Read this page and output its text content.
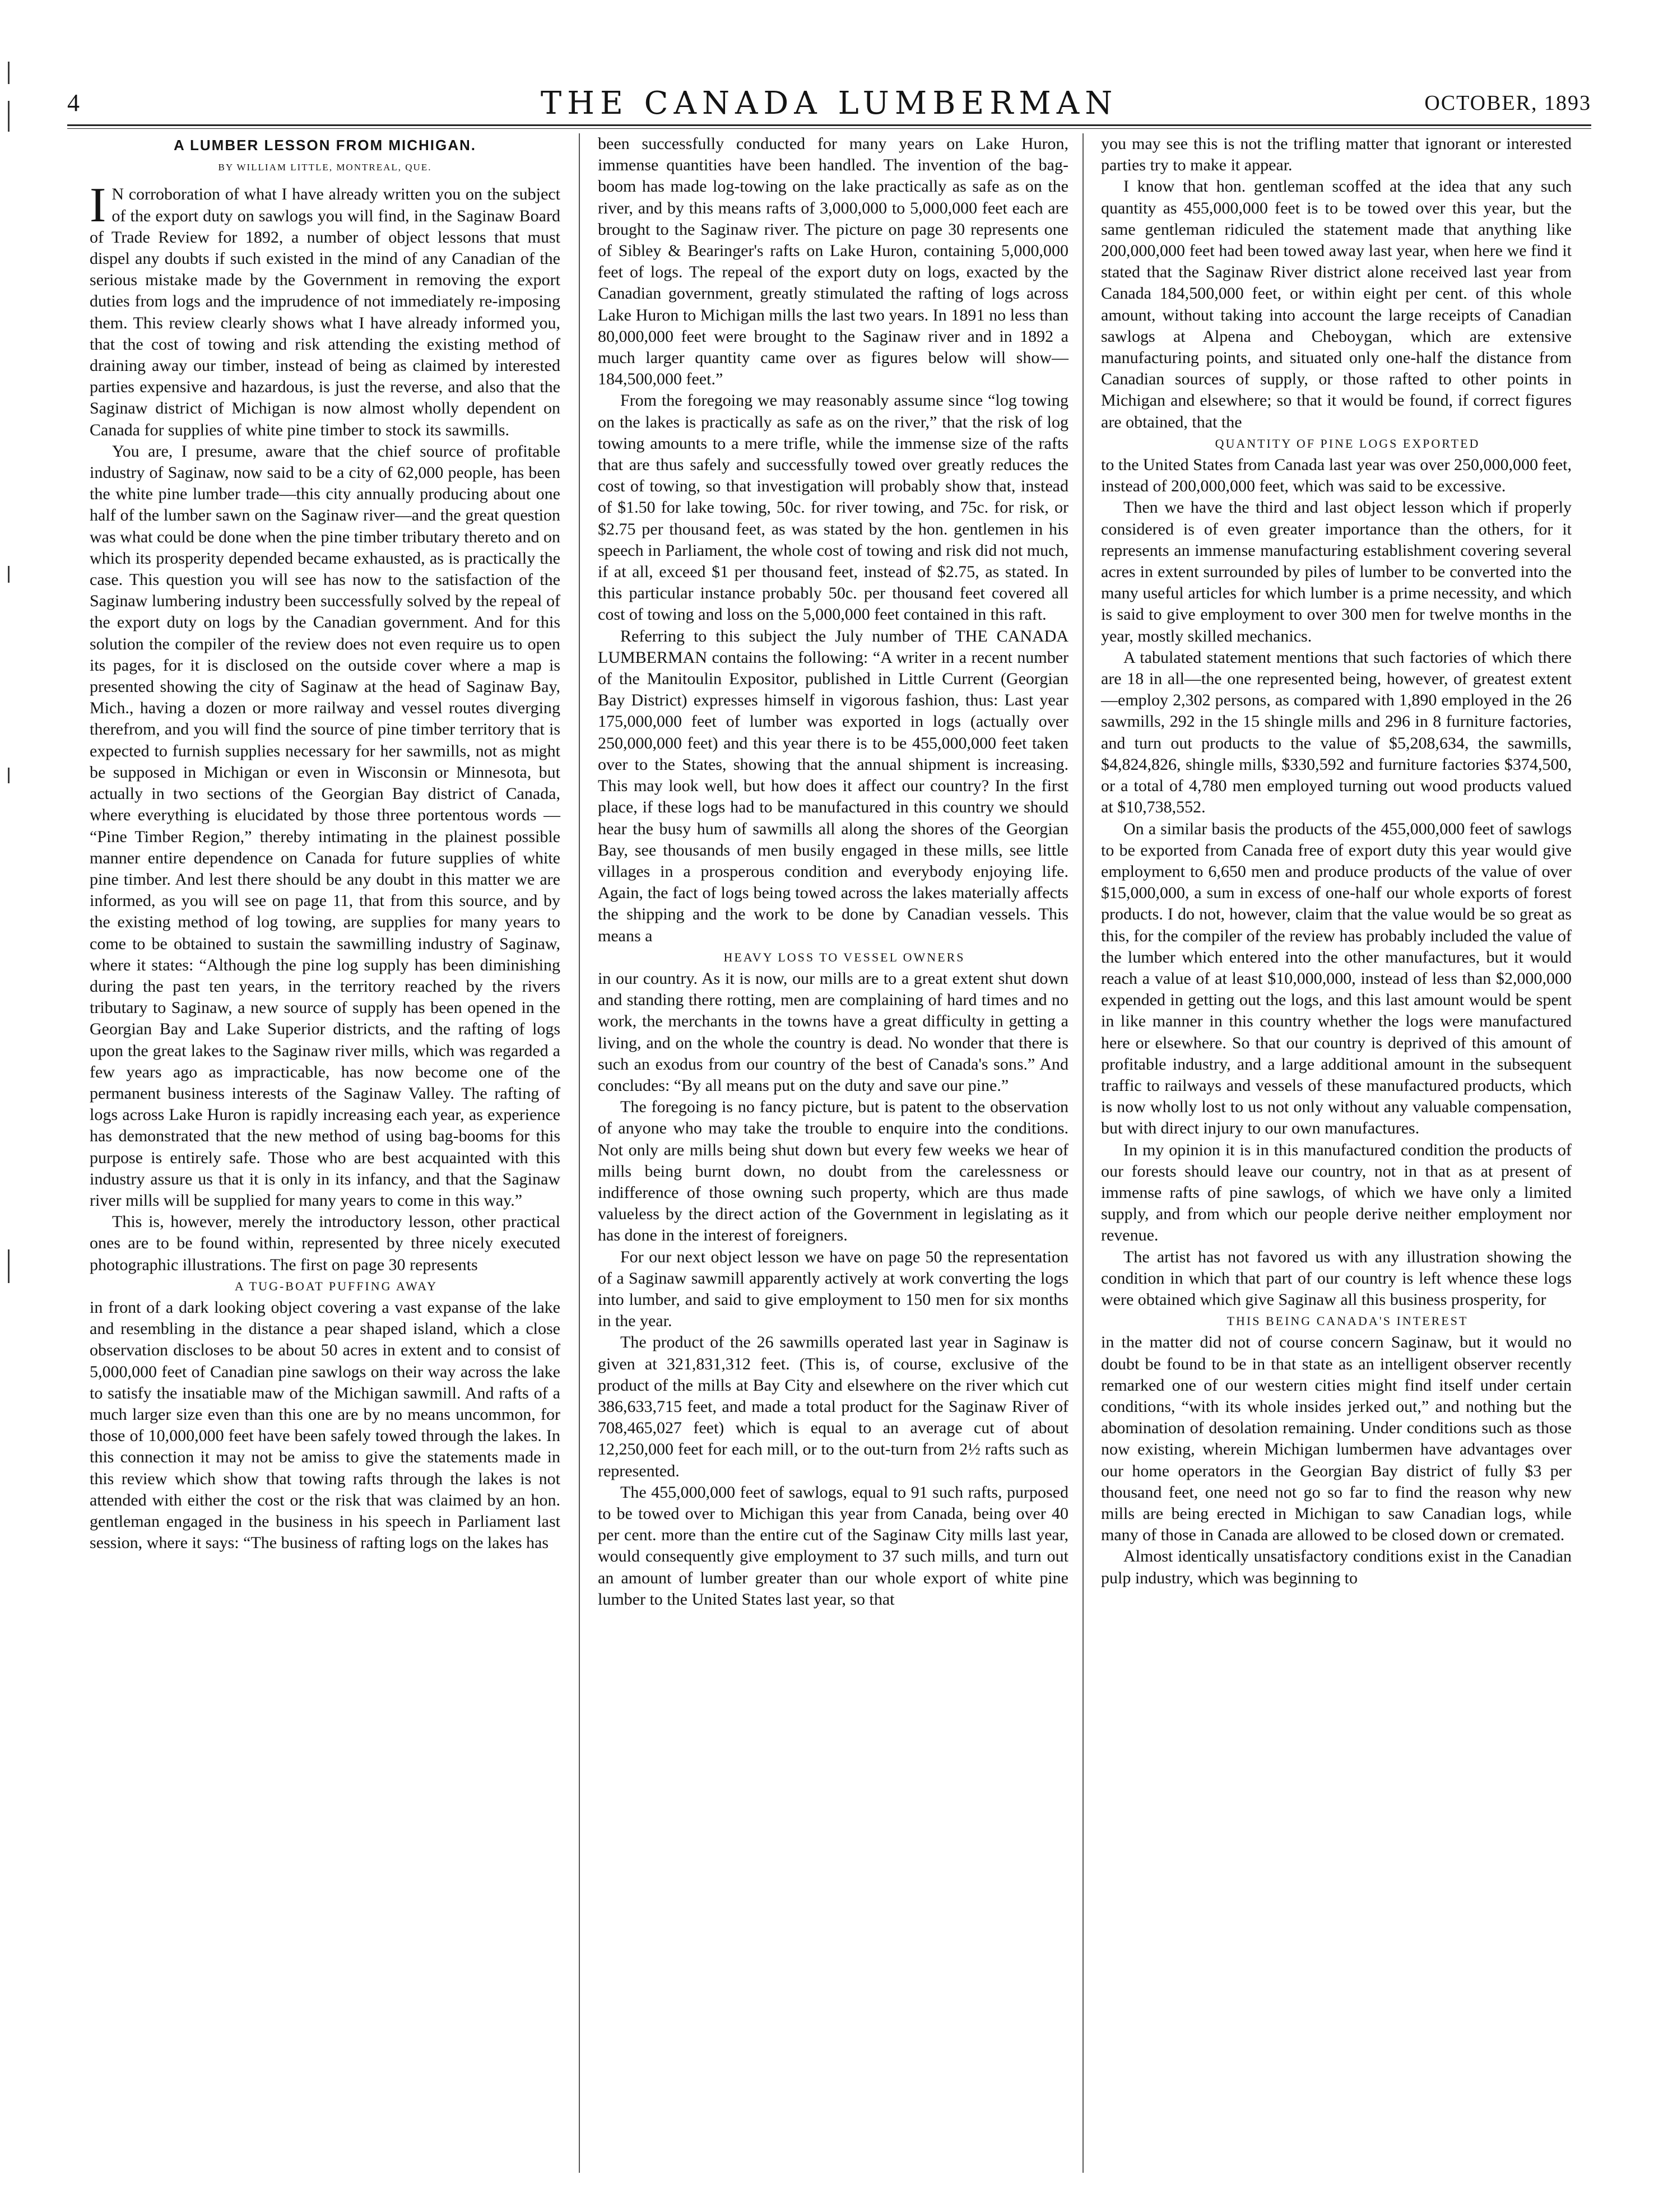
4	THE CANADA LUMBERMAN	OCTOBER, 1893
A LUMBER LESSON FROM MICHIGAN.
BY WILLIAM LITTLE, MONTREAL, QUE.

I N corroboration of what I have already written you on the subject of the export duty on sawlogs you will find, in the Saginaw Board of Trade Review for 1892, a number of object lessons that must dispel any doubts if such existed in the mind of any Canadian of the serious mistake made by the Government in removing the export duties from logs and the imprudence of not immediately re-imposing them. This review clearly shows what I have already informed you, that the cost of towing and risk attending the existing method of draining away our timber, instead of being as claimed by interested parties expensive and hazardous, is just the reverse, and also that the Saginaw district of Michigan is now almost wholly dependent on Canada for supplies of white pine timber to stock its sawmills.

You are, I presume, aware that the chief source of profitable industry of Saginaw, now said to be a city of 62,000 people, has been the white pine lumber trade—this city annually producing about one half of the lumber sawn on the Saginaw river—and the great question was what could be done when the pine timber tributary thereto and on which its prosperity depended became exhausted, as is practically the case. This question you will see has now to the satisfaction of the Saginaw lumbering industry been successfully solved by the repeal of the export duty on logs by the Canadian government. And for this solution the compiler of the review does not even require us to open its pages, for it is disclosed on the outside cover where a map is presented showing the city of Saginaw at the head of Saginaw Bay, Mich., having a dozen or more railway and vessel routes diverging therefrom, and you will find the source of pine timber territory that is expected to furnish supplies necessary for her sawmills, not as might be supposed in Michigan or even in Wisconsin or Minnesota, but actually in two sections of the Georgian Bay district of Canada, where everything is elucidated by those three portentous words — “Pine Timber Region,” thereby intimating in the plainest possible manner entire dependence on Canada for future supplies of white pine timber. And lest there should be any doubt in this matter we are informed, as you will see on page 11, that from this source, and by the existing method of log towing, are supplies for many years to come to be obtained to sustain the sawmilling industry of Saginaw, where it states: “Although the pine log supply has been diminishing during the past ten years, in the territory reached by the rivers tributary to Saginaw, a new source of supply has been opened in the Georgian Bay and Lake Superior districts, and the rafting of logs upon the great lakes to the Saginaw river mills, which was regarded a few years ago as impracticable, has now become one of the permanent business interests of the Saginaw Valley. The rafting of logs across Lake Huron is rapidly increasing each year, as experience has demonstrated that the new method of using bag-booms for this purpose is entirely safe. Those who are best acquainted with this industry assure us that it is only in its infancy, and that the Saginaw river mills will be supplied for many years to come in this way.”

This is, however, merely the introductory lesson, other practical ones are to be found within, represented by three nicely executed photographic illustrations. The first on page 30 represents

A TUG-BOAT PUFFING AWAY

in front of a dark looking object covering a vast expanse of the lake and resembling in the distance a pear shaped island, which a close observation discloses to be about 50 acres in extent and to consist of 5,000,000 feet of Canadian pine sawlogs on their way across the lake to satisfy the insatiable maw of the Michigan sawmill. And rafts of a much larger size even than this one are by no means uncommon, for those of 10,000,000 feet have been safely towed through the lakes. In this connection it may not be amiss to give the statements made in this review which show that towing rafts through the lakes is not attended with either the cost or the risk that was claimed by an hon. gentleman engaged in the business in his speech in Parliament last session, where it says: “The business of rafting logs on the lakes has

been successfully conducted for many years on Lake Huron, immense quantities have been handled. The invention of the bag-boom has made log-towing on the lake practically as safe as on the river, and by this means rafts of 3,000,000 to 5,000,000 feet each are brought to the Saginaw river. The picture on page 30 represents one of Sibley & Bearinger's rafts on Lake Huron, containing 5,000,000 feet of logs. The repeal of the export duty on logs, exacted by the Canadian government, greatly stimulated the rafting of logs across Lake Huron to Michigan mills the last two years. In 1891 no less than 80,000,000 feet were brought to the Saginaw river and in 1892 a much larger quantity came over as figures below will show—184,500,000 feet.”

From the foregoing we may reasonably assume since “log towing on the lakes is practically as safe as on the river,” that the risk of log towing amounts to a mere trifle, while the immense size of the rafts that are thus safely and successfully towed over greatly reduces the cost of towing, so that investigation will probably show that, instead of $1.50 for lake towing, 50c. for river towing, and 75c. for risk, or $2.75 per thousand feet, as was stated by the hon. gentlemen in his speech in Parliament, the whole cost of towing and risk did not much, if at all, exceed $1 per thousand feet, instead of $2.75, as stated. In this particular instance probably 50c. per thousand feet covered all cost of towing and loss on the 5,000,000 feet contained in this raft.

Referring to this subject the July number of THE CANADA LUMBERMAN contains the following: “A writer in a recent number of the Manitoulin Expositor, published in Little Current (Georgian Bay District) expresses himself in vigorous fashion, thus: Last year 175,000,000 feet of lumber was exported in logs (actually over 250,000,000 feet) and this year there is to be 455,000,000 feet taken over to the States, showing that the annual shipment is increasing. This may look well, but how does it affect our country? In the first place, if these logs had to be manufactured in this country we should hear the busy hum of sawmills all along the shores of the Georgian Bay, see thousands of men busily engaged in these mills, see little villages in a prosperous condition and everybody enjoying life. Again, the fact of logs being towed across the lakes materially affects the shipping and the work to be done by Canadian vessels. This means a

HEAVY LOSS TO VESSEL OWNERS

in our country. As it is now, our mills are to a great extent shut down and standing there rotting, men are complaining of hard times and no work, the merchants in the towns have a great difficulty in getting a living, and on the whole the country is dead. No wonder that there is such an exodus from our country of the best of Canada's sons.” And concludes: “By all means put on the duty and save our pine.”

The foregoing is no fancy picture, but is patent to the observation of anyone who may take the trouble to enquire into the conditions. Not only are mills being shut down but every few weeks we hear of mills being burnt down, no doubt from the carelessness or indifference of those owning such property, which are thus made valueless by the direct action of the Government in legislating as it has done in the interest of foreigners.

For our next object lesson we have on page 50 the representation of a Saginaw sawmill apparently actively at work converting the logs into lumber, and said to give employment to 150 men for six months in the year.

The product of the 26 sawmills operated last year in Saginaw is given at 321,831,312 feet. (This is, of course, exclusive of the product of the mills at Bay City and elsewhere on the river which cut 386,633,715 feet, and made a total product for the Saginaw River of 708,465,027 feet) which is equal to an average cut of about 12,250,000 feet for each mill, or to the out-turn from 2½ rafts such as represented.

The 455,000,000 feet of sawlogs, equal to 91 such rafts, purposed to be towed over to Michigan this year from Canada, being over 40 per cent. more than the entire cut of the Saginaw City mills last year, would consequently give employment to 37 such mills, and turn out an amount of lumber greater than our whole export of white pine lumber to the United States last year, so that

you may see this is not the trifling matter that ignorant or interested parties try to make it appear.

I know that hon. gentleman scoffed at the idea that any such quantity as 455,000,000 feet is to be towed over this year, but the same gentleman ridiculed the statement made that anything like 200,000,000 feet had been towed away last year, when here we find it stated that the Saginaw River district alone received last year from Canada 184,500,000 feet, or within eight per cent. of this whole amount, without taking into account the large receipts of Canadian sawlogs at Alpena and Cheboygan, which are extensive manufacturing points, and situated only one-half the distance from Canadian sources of supply, or those rafted to other points in Michigan and elsewhere; so that it would be found, if correct figures are obtained, that the

QUANTITY OF PINE LOGS EXPORTED

to the United States from Canada last year was over 250,000,000 feet, instead of 200,000,000 feet, which was said to be excessive.

Then we have the third and last object lesson which if properly considered is of even greater importance than the others, for it represents an immense manufacturing establishment covering several acres in extent surrounded by piles of lumber to be converted into the many useful articles for which lumber is a prime necessity, and which is said to give employment to over 300 men for twelve months in the year, mostly skilled mechanics.

A tabulated statement mentions that such factories of which there are 18 in all—the one represented being, however, of greatest extent—employ 2,302 persons, as compared with 1,890 employed in the 26 sawmills, 292 in the 15 shingle mills and 296 in 8 furniture factories, and turn out products to the value of $5,208,634, the sawmills, $4,824,826, shingle mills, $330,592 and furniture factories $374,500, or a total of 4,780 men employed turning out wood products valued at $10,738,552.

On a similar basis the products of the 455,000,000 feet of sawlogs to be exported from Canada free of export duty this year would give employment to 6,650 men and produce products of the value of over $15,000,000, a sum in excess of one-half our whole exports of forest products. I do not, however, claim that the value would be so great as this, for the compiler of the review has probably included the value of the lumber which entered into the other manufactures, but it would reach a value of at least $10,000,000, instead of less than $2,000,000 expended in getting out the logs, and this last amount would be spent in like manner in this country whether the logs were manufactured here or elsewhere. So that our country is deprived of this amount of profitable industry, and a large additional amount in the subsequent traffic to railways and vessels of these manufactured products, which is now wholly lost to us not only without any valuable compensation, but with direct injury to our own manufactures.

In my opinion it is in this manufactured condition the products of our forests should leave our country, not in that as at present of immense rafts of pine sawlogs, of which we have only a limited supply, and from which our people derive neither employment nor revenue.

The artist has not favored us with any illustration showing the condition in which that part of our country is left whence these logs were obtained which give Saginaw all this business prosperity, for

THIS BEING CANADA'S INTEREST

in the matter did not of course concern Saginaw, but it would no doubt be found to be in that state as an intelligent observer recently remarked one of our western cities might find itself under certain conditions, “with its whole insides jerked out,” and nothing but the abomination of desolation remaining. Under conditions such as those now existing, wherein Michigan lumbermen have advantages over our home operators in the Georgian Bay district of fully $3 per thousand feet, one need not go so far to find the reason why new mills are being erected in Michigan to saw Canadian logs, while many of those in Canada are allowed to be closed down or cremated.

Almost identically unsatisfactory conditions exist in the Canadian pulp industry, which was beginning to
